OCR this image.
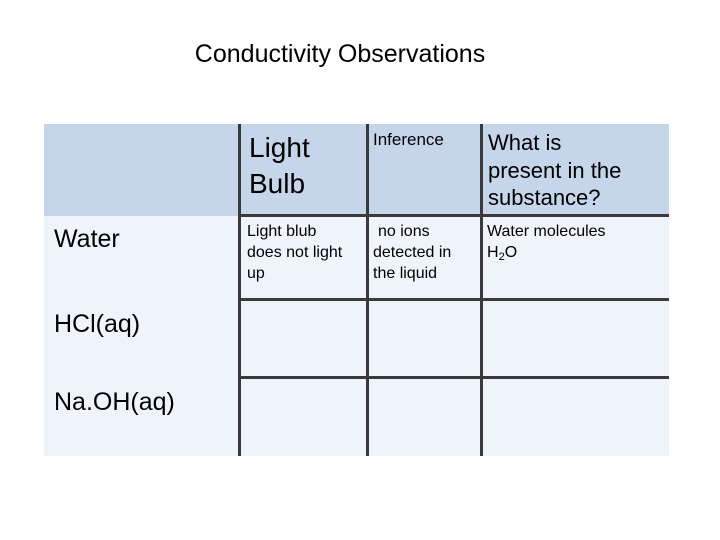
Conductivity Observations
Light
Bulb
Inference What is
present in the
substance?
Water
HCl(aq)
Na.OH(aq)
Light blub
does not light
up
no ions
detected in
the liquid
Water molecules
$H_2O$
